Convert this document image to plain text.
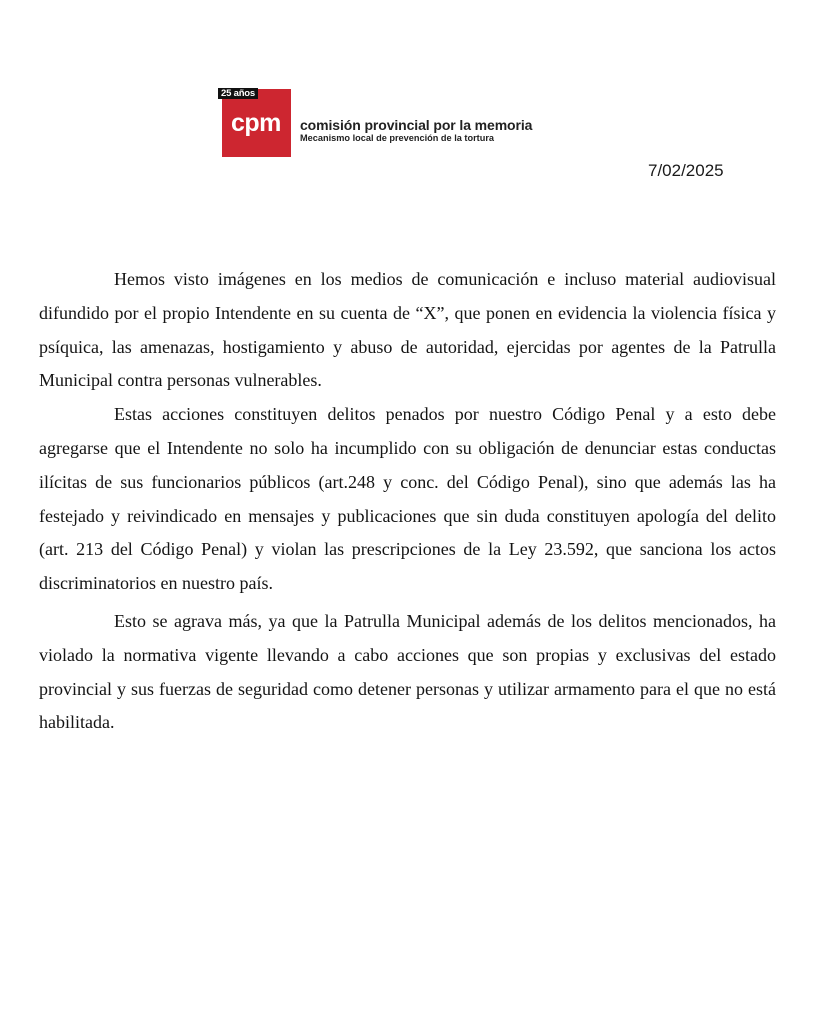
25 años
cpm comisión provincial por la memoria
Mecanismo local de prevención de la tortura
7/02/2025

Hemos visto imágenes en los medios de comunicación e incluso material audiovisual difundido por el propio Intendente en su cuenta de “X”, que ponen en evidencia la violencia física y psíquica, las amenazas, hostigamiento y abuso de autoridad, ejercidas por agentes de la Patrulla Municipal contra personas vulnerables.

Estas acciones constituyen delitos penados por nuestro Código Penal y a esto debe agregarse que el Intendente no solo ha incumplido con su obligación de denunciar estas conductas ilícitas de sus funcionarios públicos (art.248 y conc. del Código Penal), sino que además las ha festejado y reivindicado en mensajes y publicaciones que sin duda constituyen apología del delito (art. 213 del Código Penal) y violan las prescripciones de la Ley 23.592, que sanciona los actos discriminatorios en nuestro país.

Esto se agrava más, ya que la Patrulla Municipal además de los delitos mencionados, ha violado la normativa vigente llevando a cabo acciones que son propias y exclusivas del estado provincial y sus fuerzas de seguridad como detener personas y utilizar armamento para el que no está habilitada.
